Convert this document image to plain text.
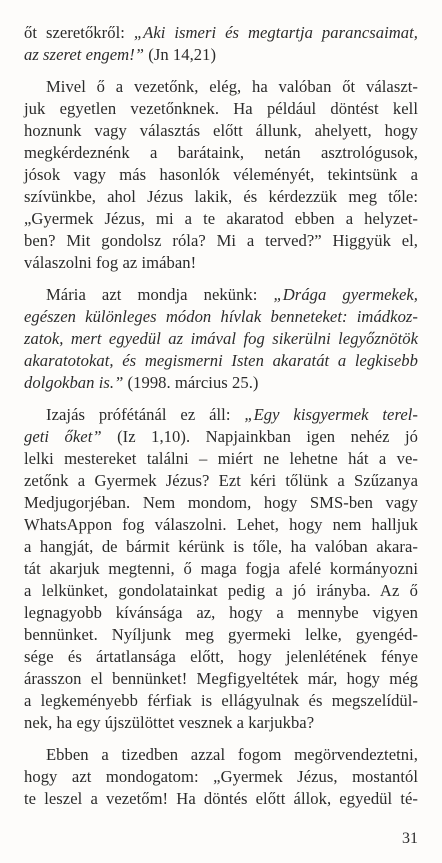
őt szeretőkről: „Aki ismeri és megtartja parancsaimat,
az szeret engem!” (Jn 14,21)
Mivel ő a vezetőnk, elég, ha valóban őt választ-
juk egyetlen vezetőnknek. Ha például döntést kell
hoznunk vagy választás előtt állunk, ahelyett, hogy
megkérdeznénk a barátaink, netán asztrológusok,
jósok vagy más hasonlók véleményét, tekintsünk a
szívünkbe, ahol Jézus lakik, és kérdezzük meg tőle:
„Gyermek Jézus, mi a te akaratod ebben a helyzet-
ben? Mit gondolsz róla? Mi a terved?” Higgyük el,
válaszolni fog az imában!
Mária azt mondja nekünk: „Drága gyermekek,
egészen különleges módon hívlak benneteket: imádkoz-
zatok, mert egyedül az imával fog sikerülni legyőznötök
akaratotokat, és megismerni Isten akaratát a legkisebb
dolgokban is.” (1998. március 25.)
Izajás prófétánál ez áll: „Egy kisgyermek terel-
geti őket” (Iz 1,10). Napjainkban igen nehéz jó
lelki mestereket találni – miért ne lehetne hát a ve-
zetőnk a Gyermek Jézus? Ezt kéri tőlünk a Szűzanya
Medjugorjéban. Nem mondom, hogy SMS-ben vagy
WhatsAppon fog válaszolni. Lehet, hogy nem halljuk
a hangját, de bármit kérünk is tőle, ha valóban akara-
tát akarjuk megtenni, ő maga fogja afelé kormányozni
a lelkünket, gondolatainkat pedig a jó irányba. Az ő
legnagyobb kívánsága az, hogy a mennybe vigyen
bennünket. Nyíljunk meg gyermeki lelke, gyengéd-
sége és ártatlansága előtt, hogy jelenlétének fénye
árasszon el bennünket! Megfigyeltétek már, hogy még
a legkeményebb férfiak is ellágyulnak és megszelídül-
nek, ha egy újszülöttet vesznek a karjukba?
Ebben a tizedben azzal fogom megörvendeztetni,
hogy azt mondogatom: „Gyermek Jézus, mostantól
te leszel a vezetőm! Ha döntés előtt állok, egyedül té-
31
